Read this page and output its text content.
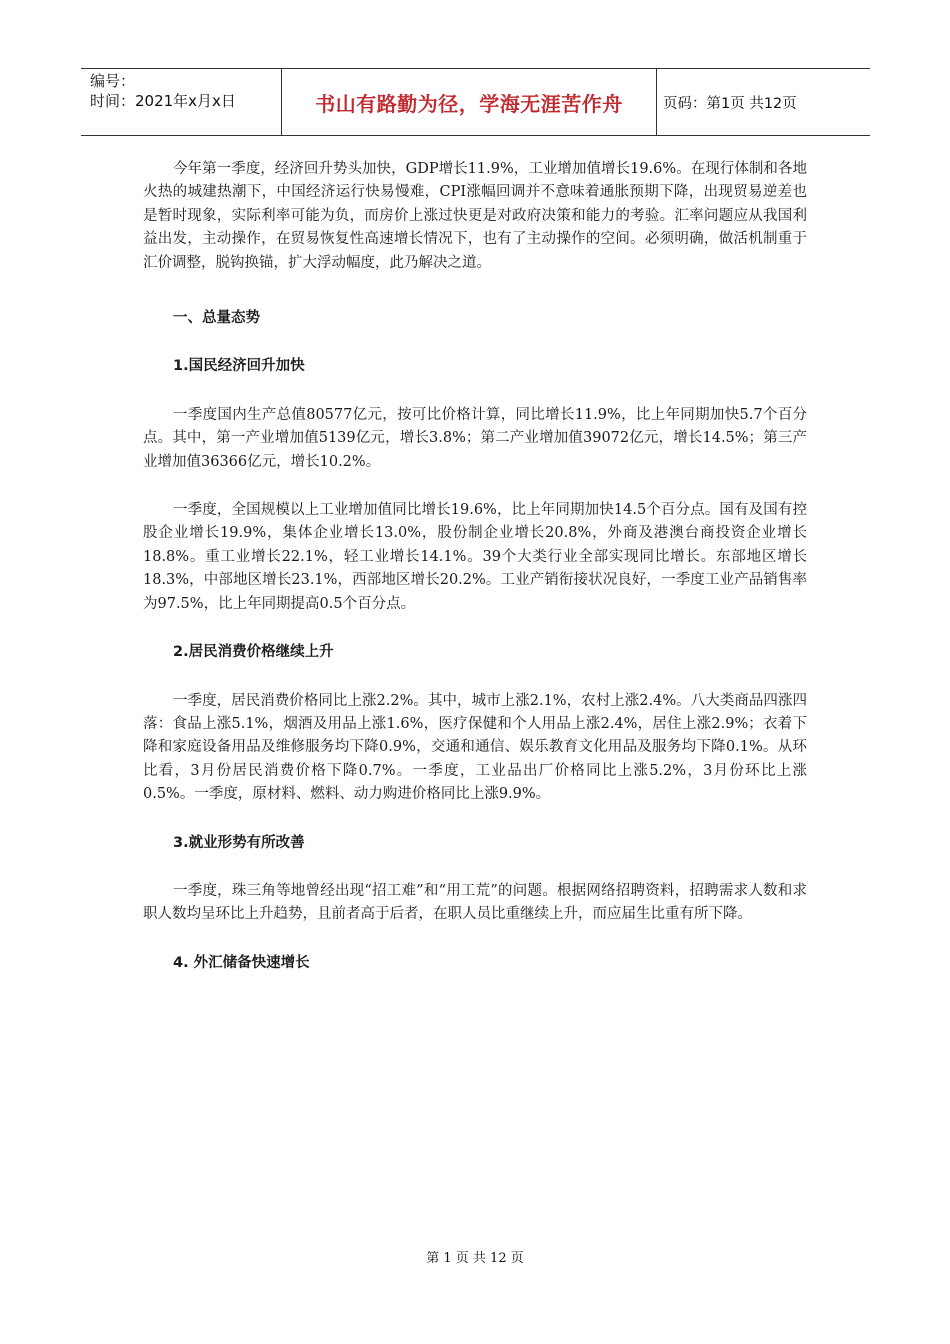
编号：
时间：2021年x月x日	书山有路勤为径，学海无涯苦作舟	页码：第1页 共12页

今年第一季度，经济回升势头加快，GDP增长11.9%，工业增加值增长19.6%。在现行体制和各地火热的城建热潮下，中国经济运行快易慢难，CPI涨幅回调并不意味着通胀预期下降，出现贸易逆差也是暂时现象，实际利率可能为负，而房价上涨过快更是对政府决策和能力的考验。汇率问题应从我国利益出发，主动操作，在贸易恢复性高速增长情况下，也有了主动操作的空间。必须明确，做活机制重于汇价调整，脱钩换锚，扩大浮动幅度，此乃解决之道。

一、总量态势

1.国民经济回升加快

一季度国内生产总值80577亿元，按可比价格计算，同比增长11.9%，比上年同期加快5.7个百分点。其中，第一产业增加值5139亿元，增长3.8%；第二产业增加值39072亿元，增长14.5%；第三产业增加值36366亿元，增长10.2%。

一季度，全国规模以上工业增加值同比增长19.6%，比上年同期加快14.5个百分点。国有及国有控股企业增长19.9%，集体企业增长13.0%，股份制企业增长20.8%，外商及港澳台商投资企业增长18.8%。重工业增长22.1%，轻工业增长14.1%。39个大类行业全部实现同比增长。东部地区增长18.3%，中部地区增长23.1%，西部地区增长20.2%。工业产销衔接状况良好，一季度工业产品销售率为97.5%，比上年同期提高0.5个百分点。

2.居民消费价格继续上升

一季度，居民消费价格同比上涨2.2%。其中，城市上涨2.1%，农村上涨2.4%。八大类商品四涨四落：食品上涨5.1%，烟酒及用品上涨1.6%，医疗保健和个人用品上涨2.4%，居住上涨2.9%；衣着下降和家庭设备用品及维修服务均下降0.9%，交通和通信、娱乐教育文化用品及服务均下降0.1%。从环比看，3月份居民消费价格下降0.7%。一季度，工业品出厂价格同比上涨5.2%，3月份环比上涨0.5%。一季度，原材料、燃料、动力购进价格同比上涨9.9%。

3.就业形势有所改善

一季度，珠三角等地曾经出现“招工难”和“用工荒”的问题。根据网络招聘资料，招聘需求人数和求职人数均呈环比上升趋势，且前者高于后者，在职人员比重继续上升，而应届生比重有所下降。

4. 外汇储备快速增长

第 1 页 共 12 页
